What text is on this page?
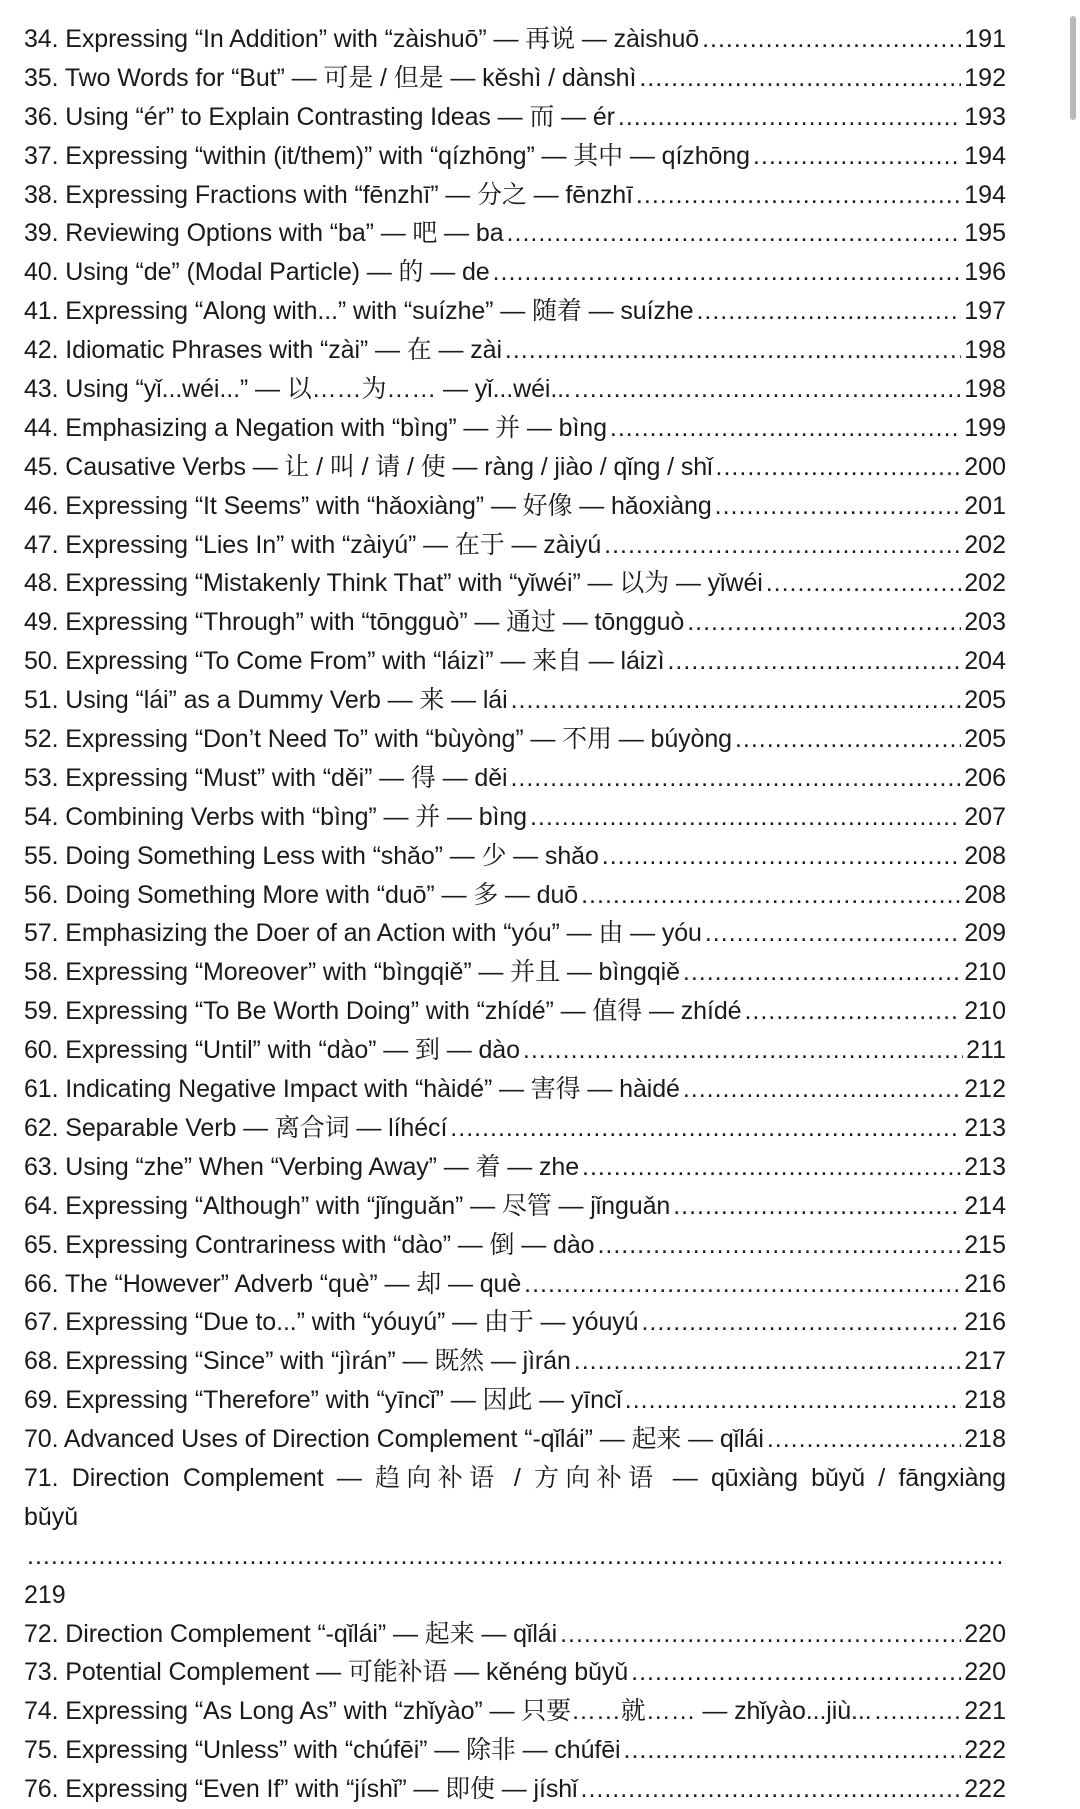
34. Expressing “In Addition” with “zàishuō” — 再说 — zàishuō .....	191
35. Two Words for “But” — 可是 / 但是 — kěshì / dànshì .....	192
36. Using “ér” to Explain Contrasting Ideas — 而 — ér .....	193
37. Expressing “within (it/them)” with “qízhōng” — 其中 — qízhōng .....	194
38. Expressing Fractions with “fēnzhī” — 分之 — fēnzhī .....	194
39. Reviewing Options with “ba” — 吧 — ba .....	195
40. Using “de” (Modal Particle) — 的 — de .....	196
41. Expressing “Along with...” with “suízhe” — 随着 — suízhe .....	197
42. Idiomatic Phrases with “zài” — 在 — zài .....	198
43. Using “yǐ...wéi...” — 以……为…… — yǐ...wéi... .....	198
44. Emphasizing a Negation with “bìng” — 并 — bìng .....	199
45. Causative Verbs — 让 / 叫 / 请 / 使 — ràng / jiào / qǐng / shǐ .....	200
46. Expressing “It Seems” with “hǎoxiàng” — 好像 — hǎoxiàng .....	201
47. Expressing “Lies In” with “zàiyú” — 在于 — zàiyú .....	202
48. Expressing “Mistakenly Think That” with “yǐwéi” — 以为 — yǐwéi .....	202
49. Expressing “Through” with “tōngguò” — 通过 — tōngguò .....	203
50. Expressing “To Come From” with “láizì” — 来自 — láizì .....	204
51. Using “lái” as a Dummy Verb — 来 — lái .....	205
52. Expressing “Don’t Need To” with “bùyòng” — 不用 — búyòng .....	205
53. Expressing “Must” with “děi” — 得 — děi .....	206
54. Combining Verbs with “bìng” — 并 — bìng .....	207
55. Doing Something Less with “shǎo” — 少 — shǎo .....	208
56. Doing Something More with “duō” — 多 — duō .....	208
57. Emphasizing the Doer of an Action with “yóu” — 由 — yóu .....	209
58. Expressing “Moreover” with “bìngqiě” — 并且 — bìngqiě .....	210
59. Expressing “To Be Worth Doing” with “zhídé” — 值得 — zhídé .....	210
60. Expressing “Until” with “dào” — 到 — dào .....	211
61. Indicating Negative Impact with “hàidé” — 害得 — hàidé .....	212
62. Separable Verb — 离合词 — líhécí .....	213
63. Using “zhe” When “Verbing Away” — 着 — zhe .....	213
64. Expressing “Although” with “jǐnguǎn” — 尽管 — jǐnguǎn .....	214
65. Expressing Contrariness with “dào” — 倒 — dào .....	215
66. The “However” Adverb “què” — 却 — què .....	216
67. Expressing “Due to...” with “yóuyú” — 由于 — yóuyú .....	216
68. Expressing “Since” with “jìrán” — 既然 — jìrán .....	217
69. Expressing “Therefore” with “yīncǐ” — 因此 — yīncǐ .....	218
70. Advanced Uses of Direction Complement “-qǐlái” — 起来 — qǐlái .....	218
71. Direction Complement — 趋向补语 / 方向补语 — qūxiàng bǔyǔ / fāngxiàng
bǔyǔ
.....
219
72. Direction Complement “-qǐlái” — 起来 — qǐlái .....	220
73. Potential Complement — 可能补语 — kěnéng bǔyǔ .....	220
74. Expressing “As Long As” with “zhǐyào” — 只要……就…… — zhǐyào...jiù... .....	221
75. Expressing “Unless” with “chúfēi” — 除非 — chúfēi .....	222
76. Expressing “Even If” with “jíshǐ” — 即使 — jíshǐ .....	222
